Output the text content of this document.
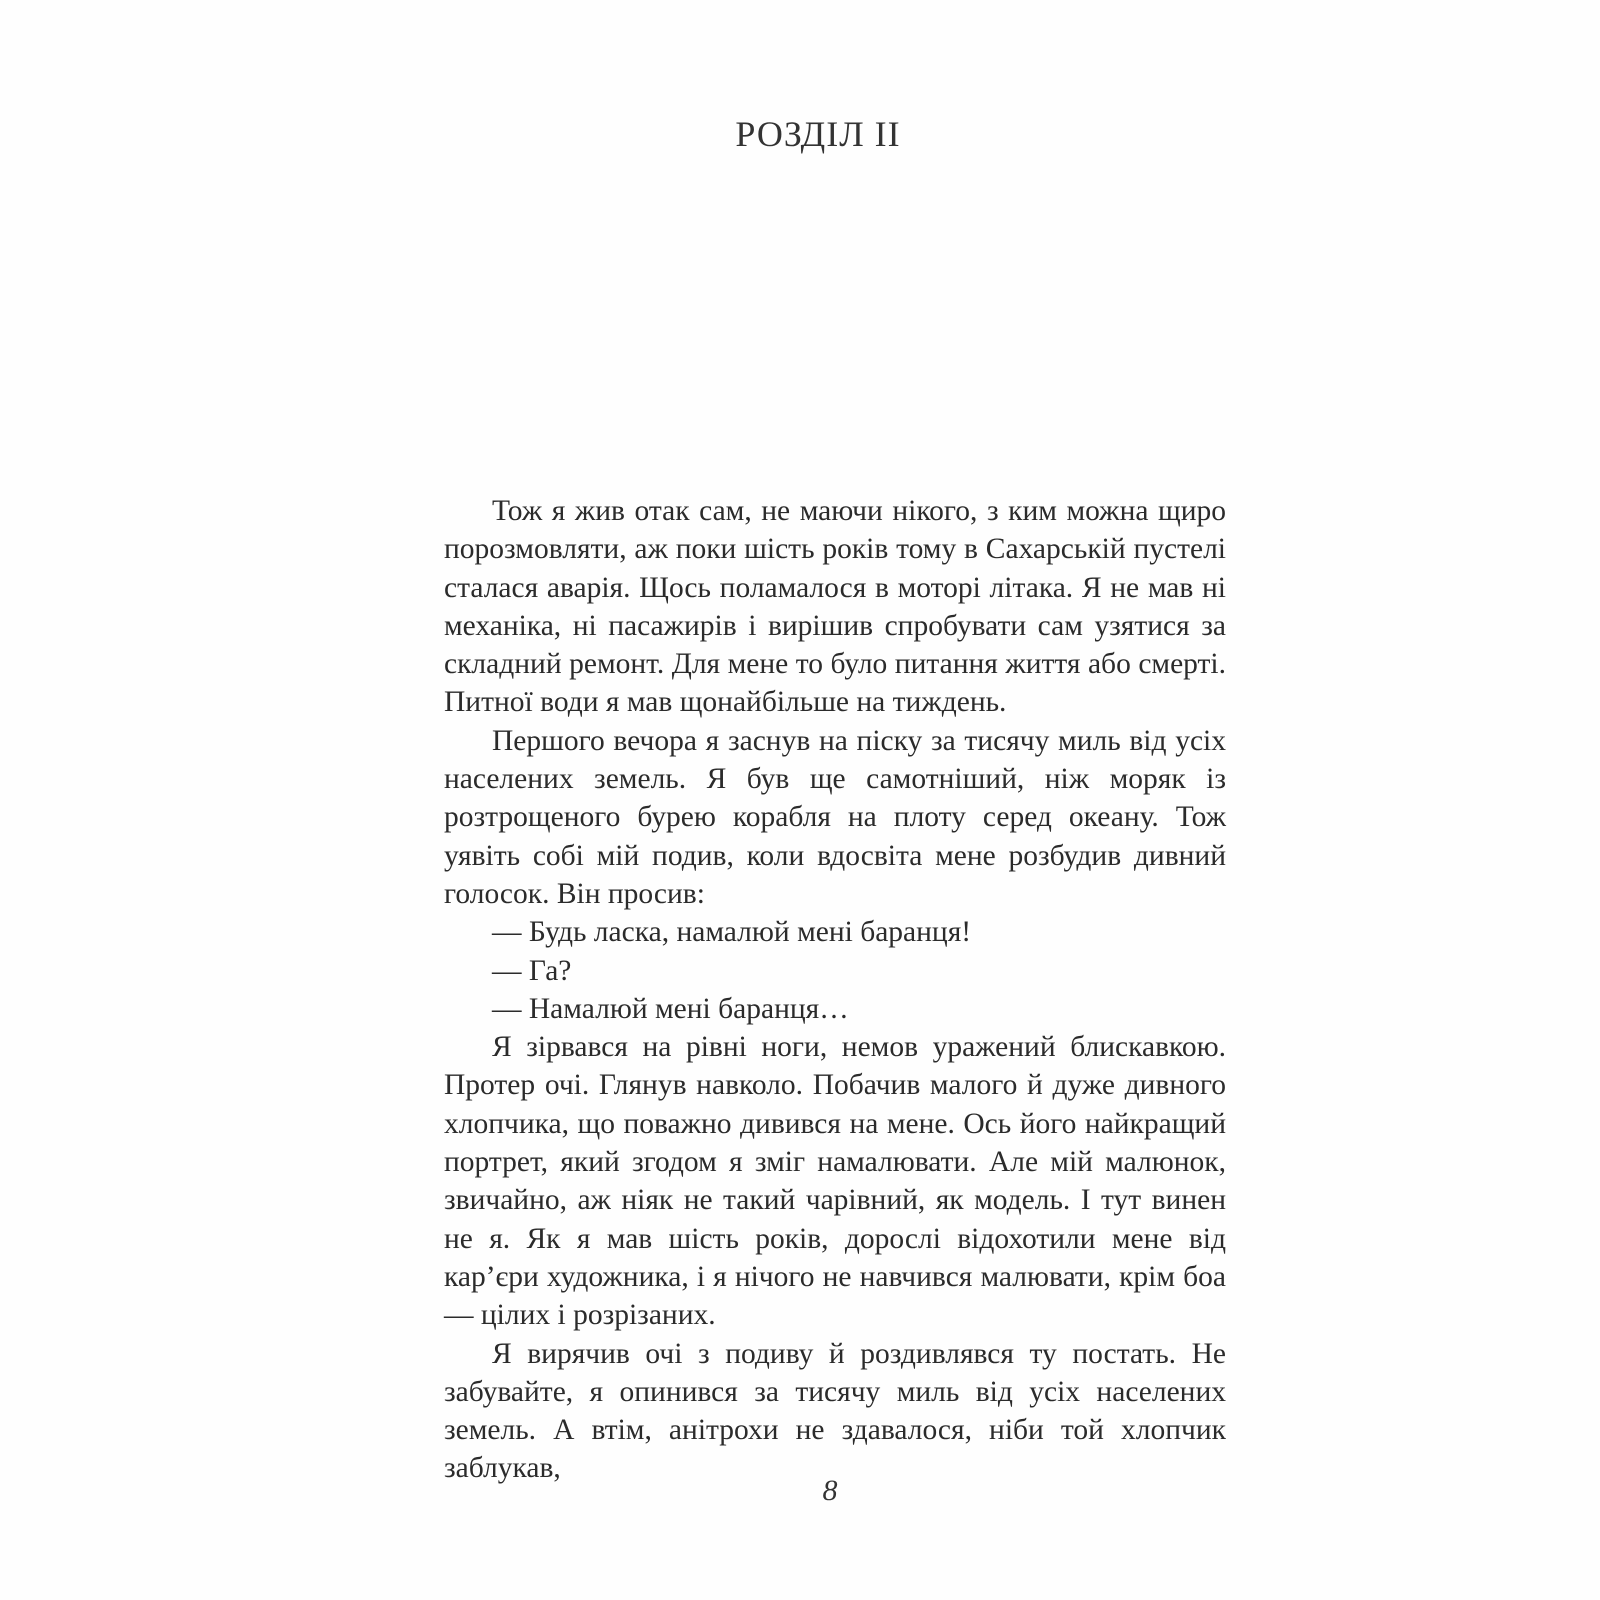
РОЗДІЛ II

Тож я жив отак сам, не маючи нікого, з ким можна щиро порозмовляти, аж поки шість років тому в Сахарській пустелі сталася аварія. Щось поламалося в моторі літака. Я не мав ні механіка, ні пасажирів і вирішив спробувати сам узятися за складний ремонт. Для мене то було питання життя або смерті. Питної води я мав щонайбільше на тиждень.

Першого вечора я заснув на піску за тисячу миль від усіх населених земель. Я був ще самотніший, ніж моряк із розтрощеного бурею корабля на плоту серед океану. Тож уявіть собі мій подив, коли вдосвіта мене розбудив дивний голосок. Він просив:

— Будь ласка, намалюй мені баранця!

— Га?

— Намалюй мені баранця…

Я зірвався на рівні ноги, немов уражений блискавкою. Протер очі. Глянув навколо. Побачив малого й дуже дивного хлопчика, що поважно дивився на мене. Ось його найкращий портрет, який згодом я зміг намалювати. Але мій малюнок, звичайно, аж ніяк не такий чарівний, як модель. І тут винен не я. Як я мав шість років, дорослі відохотили мене від кар’єри художника, і я нічого не навчився малювати, крім боа — цілих і розрізаних.

Я вирячив очі з подиву й роздивлявся ту постать. Не забувайте, я опинився за тисячу миль від усіх населених земель. А втім, анітрохи не здавалося, ніби той хлопчик заблукав,

8
